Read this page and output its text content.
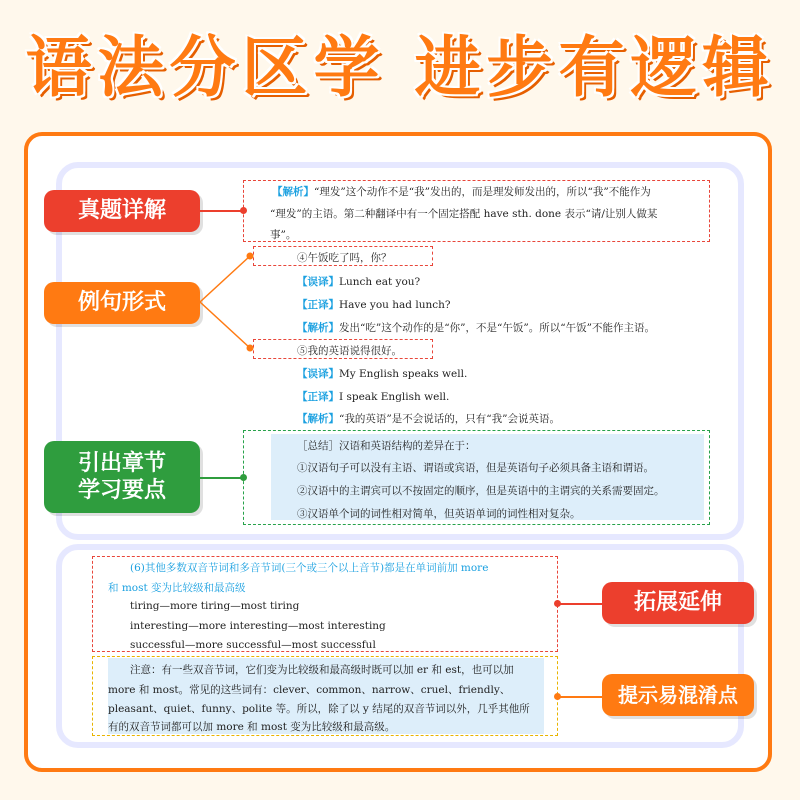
语法分区学 进步有逻辑
【解析】“理发”这个动作不是“我”发出的，而是理发师发出的，所以“我”不能作为
“理发”的主语。第二种翻译中有一个固定搭配 have sth. done 表示“请/让别人做某
事”。
④午饭吃了吗，你？
【误译】Lunch eat you?
【正译】Have you had lunch?
【解析】发出“吃”这个动作的是“你”，不是“午饭”。所以“午饭”不能作主语。
⑤我的英语说得很好。
【误译】My English speaks well.
【正译】I speak English well.
【解析】“我的英语”是不会说话的，只有“我”会说英语。
［总结］汉语和英语结构的差异在于：
①汉语句子可以没有主语、谓语或宾语，但是英语句子必须具备主语和谓语。
②汉语中的主谓宾可以不按固定的顺序，但是英语中的主谓宾的关系需要固定。
③汉语单个词的词性相对简单，但英语单词的词性相对复杂。
真题详解
例句形式
引出章节
学习要点
(6)其他多数双音节词和多音节词(三个或三个以上音节)都是在单词前加 more
和 most 变为比较级和最高级
tiring—more tiring—most tiring
interesting—more interesting—most interesting
successful—more successful—most successful
注意：有一些双音节词，它们变为比较级和最高级时既可以加 er 和 est，也可以加
more 和 most。常见的这些词有：clever、common、narrow、cruel、friendly、
pleasant、quiet、funny、polite 等。所以，除了以 y 结尾的双音节词以外，几乎其他所
有的双音节词都可以加 more 和 most 变为比较级和最高级。
拓展延伸
提示易混淆点
